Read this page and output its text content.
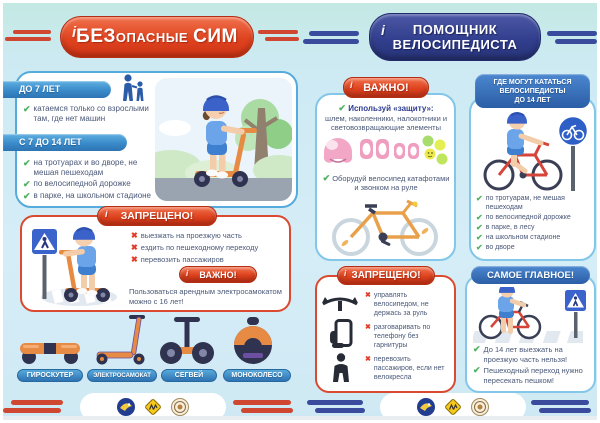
i БЕЗ ОПАСНЫЕ СИМ
ДО 7 ЛЕТ
✔ катаемся только со взрослыми там, где нет машин
С 7 ДО 14 ЛЕТ
✔ на тротуарах и во дворе, не мешая пешеходам
✔ по велосипедной дорожке
✔ в парке, на школьном стадионе
i ЗАПРЕЩЕНО!
✖ выезжать на проезжую часть
✖ ездить по пешеходному переходу
✖ перевозить пассажиров
i ВАЖНО!
Пользоваться арендным электросамокатом можно с 16 лет!
ГИРОСКУТЕР	ЭЛЕКТРОСАМОКАТ	СЕГВЕЙ	МОНОКОЛЕСО
i ПОМОЩНИК
ВЕЛОСИПЕДИСТА
i ВАЖНО!
✔ Используй «защиту»:
шлем, наколенники, налокотники и световозвращающие элементы
✔ Оборудуй велосипед катафотами и звонком на руле
ГДЕ МОГУТ КАТАТЬСЯ
ВЕЛОСИПЕДИСТЫ
ДО 14 ЛЕТ
✔ по тротуарам, не мешая пешеходам
✔ по велосипедной дорожке
✔ в парке, в лесу
✔ на школьном стадионе
✔ во дворе
i ЗАПРЕЩЕНО!
✖ управлять велосипедом, не держась за руль
✖ разговаривать по телефону без гарнитуры
✖ перевозить пассажиров, если нет велокресла
САМОЕ ГЛАВНОЕ!
✔ До 14 лет выезжать на проезжую часть нельзя!
✔ Пешеходный переход нужно пересекать пешком!
